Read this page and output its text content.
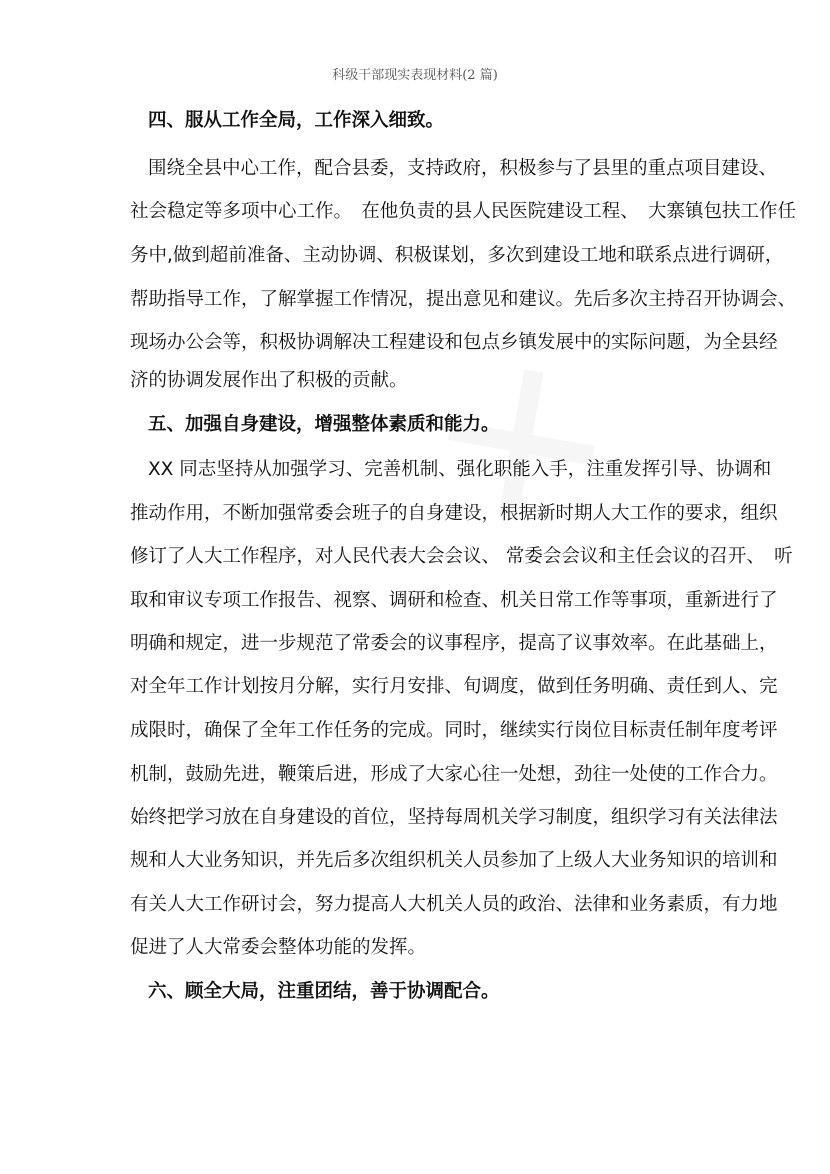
科级干部现实表现材料(2 篇)
四、服从工作全局，工作深入细致。
围绕全县中心工作，配合县委，支持政府，积极参与了县里的重点项目建设、
社会稳定等多项中心工作。　在他负责的县人民医院建设工程、　大寨镇包扶工作任
务中,做到超前准备、主动协调、积极谋划，多次到建设工地和联系点进行调研，
帮助指导工作，了解掌握工作情况，提出意见和建议。先后多次主持召开协调会、
现场办公会等，积极协调解决工程建设和包点乡镇发展中的实际问题，为全县经
济的协调发展作出了积极的贡献。
五、加强自身建设，增强整体素质和能力。
XX 同志坚持从加强学习、完善机制、强化职能入手，注重发挥引导、协调和
推动作用，不断加强常委会班子的自身建设，根据新时期人大工作的要求，组织
修订了人大工作程序，对人民代表大会会议、 常委会会议和主任会议的召开、　听
取和审议专项工作报告、视察、调研和检查、机关日常工作等事项，重新进行了
明确和规定，进一步规范了常委会的议事程序，提高了议事效率。在此基础上，
对全年工作计划按月分解，实行月安排、旬调度，做到任务明确、责任到人、完
成限时，确保了全年工作任务的完成。同时，继续实行岗位目标责任制年度考评
机制，鼓励先进，鞭策后进，形成了大家心往一处想，劲往一处使的工作合力。
始终把学习放在自身建设的首位，坚持每周机关学习制度，组织学习有关法律法
规和人大业务知识，并先后多次组织机关人员参加了上级人大业务知识的培训和
有关人大工作研讨会，努力提高人大机关人员的政治、法律和业务素质，有力地
促进了人大常委会整体功能的发挥。
六、顾全大局，注重团结，善于协调配合。
